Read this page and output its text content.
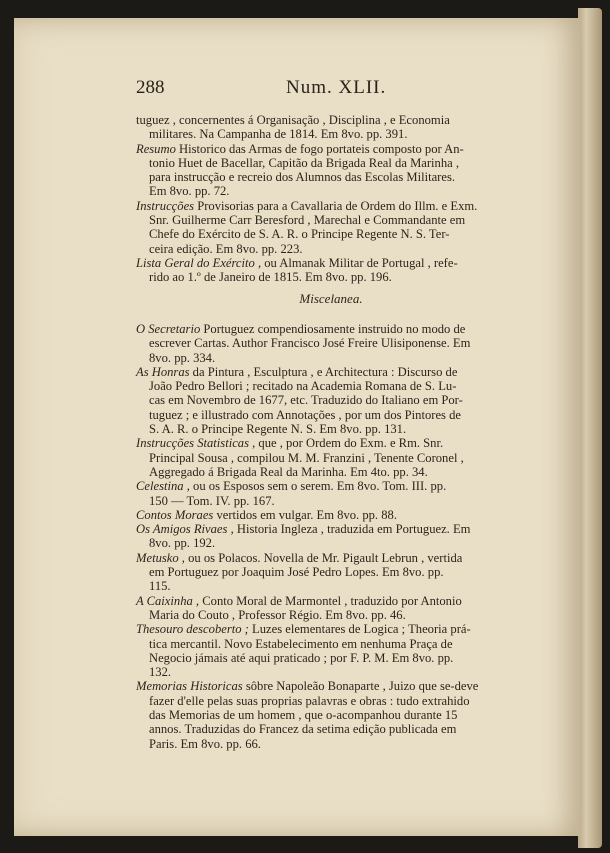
288	Num. XLII.
tuguez , concernentes á Organisação , Disciplina , e Economia
militares. Na Campanha de 1814. Em 8vo. pp. 391.
Resumo Historico das Armas de fogo portateis composto por An-
tonio Huet de Bacellar, Capitão da Brigada Real da Marinha ,
para instrucção e recreio dos Alumnos das Escolas Militares.
Em 8vo. pp. 72.
Instrucções Provisorias para a Cavallaria de Ordem do Illm. e Exm.
Snr. Guilherme Carr Beresford , Marechal e Commandante em
Chefe do Exército de S. A. R. o Principe Regente N. S. Ter-
ceira edição. Em 8vo. pp. 223.
Lista Geral do Exército , ou Almanak Militar de Portugal , refe-
rido ao 1.º de Janeiro de 1815. Em 8vo. pp. 196.
Miscelanea.
O Secretario Portuguez compendiosamente instruido no modo de
escrever Cartas. Author Francisco José Freire Ulisiponense. Em
8vo. pp. 334.
As Honras da Pintura , Esculptura , e Architectura : Discurso de
João Pedro Bellori ; recitado na Academia Romana de S. Lu-
cas em Novembro de 1677, etc. Traduzido do Italiano em Por-
tuguez ; e illustrado com Annotações , por um dos Pintores de
S. A. R. o Principe Regente N. S. Em 8vo. pp. 131.
Instrucções Statisticas , que , por Ordem do Exm. e Rm. Snr.
Principal Sousa , compilou M. M. Franzini , Tenente Coronel ,
Aggregado á Brigada Real da Marinha. Em 4to. pp. 34.
Celestina , ou os Esposos sem o serem. Em 8vo. Tom. III. pp.
150 — Tom. IV. pp. 167.
Contos Moraes vertidos em vulgar. Em 8vo. pp. 88.
Os Amigos Rivaes , Historia Ingleza , traduzida em Portuguez. Em
8vo. pp. 192.
Metusko , ou os Polacos. Novella de Mr. Pigault Lebrun , vertida
em Portuguez por Joaquim José Pedro Lopes. Em 8vo. pp.
115.
A Caixinha , Conto Moral de Marmontel , traduzido por Antonio
Maria do Couto , Professor Régio. Em 8vo. pp. 46.
Thesouro descoberto ; Luzes elementares de Logica ; Theoria prá-
tica mercantil. Novo Estabelecimento em nenhuma Praça de
Negocio jámais até aqui praticado ; por F. P. M. Em 8vo. pp.
132.
Memorias Historicas sôbre Napoleão Bonaparte , Juizo que se-deve
fazer d'elle pelas suas proprias palavras e obras : tudo extrahido
das Memorias de um homem , que o-acompanhou durante 15
annos. Traduzidas do Francez da setima edição publicada em
Paris. Em 8vo. pp. 66.
